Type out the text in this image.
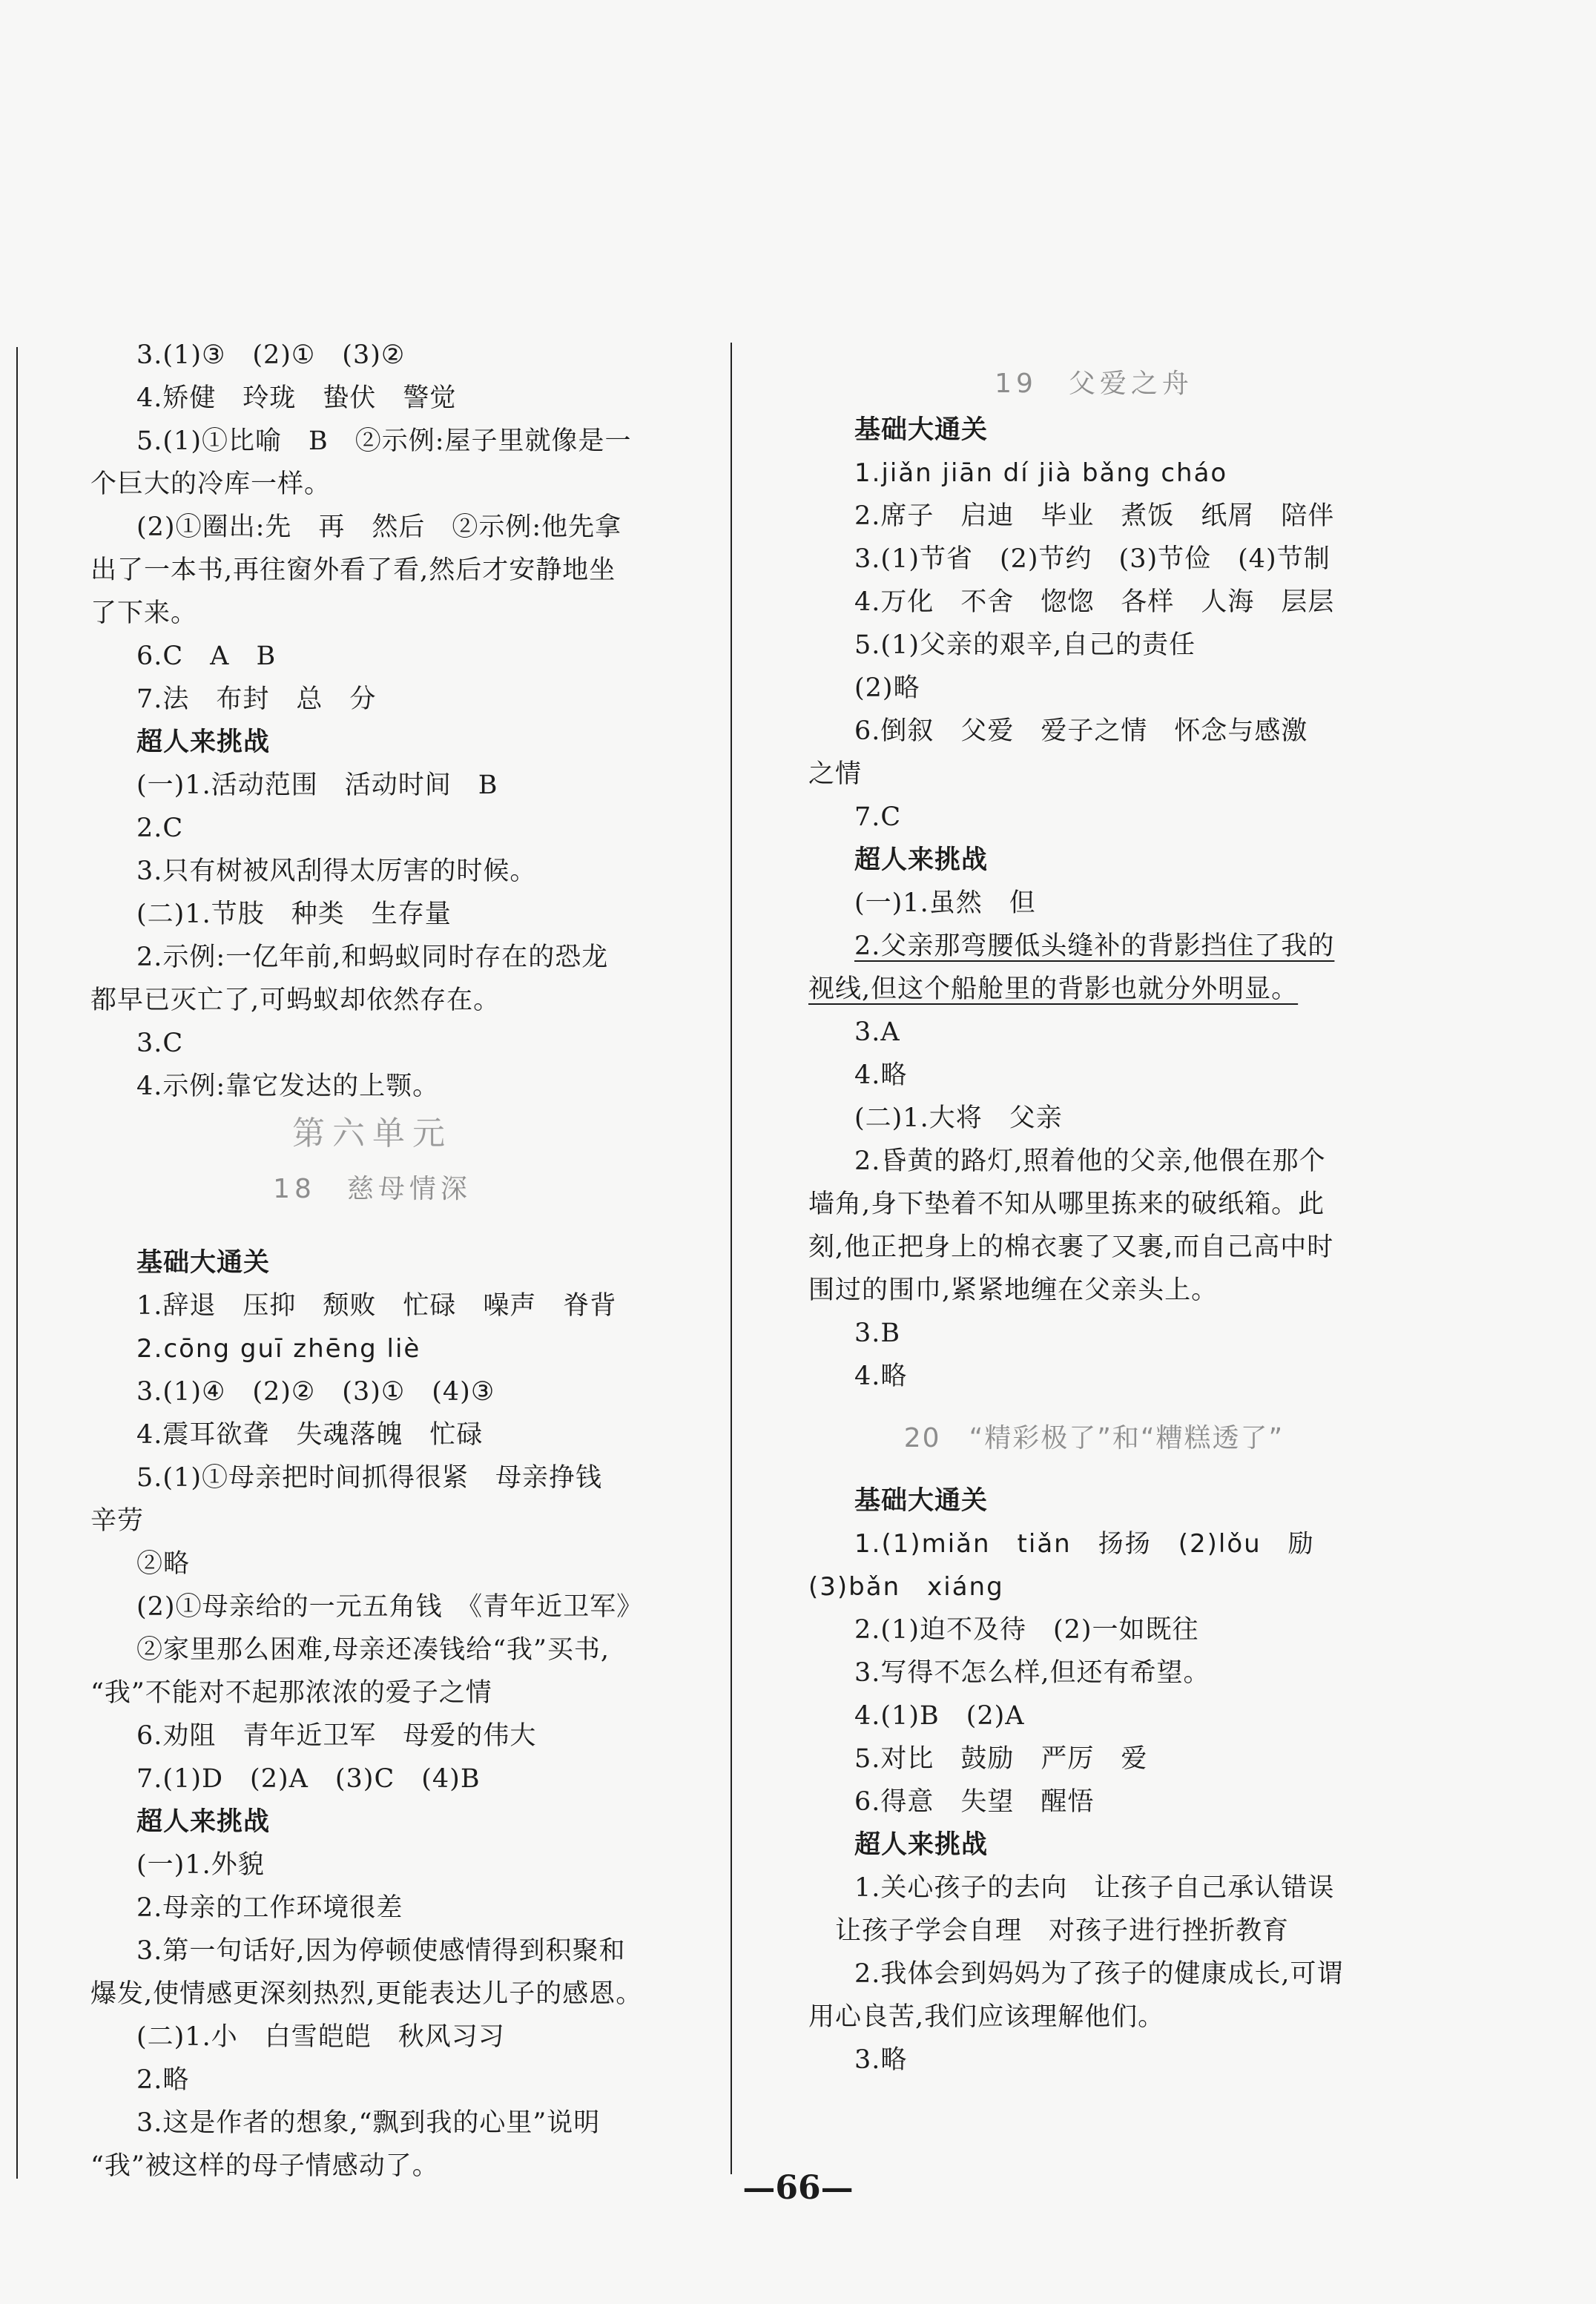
3.(1)③　(2)①　(3)②
4.矫健　玲珑　蛰伏　警觉
5.(1)①比喻　B　②示例:屋子里就像是一
个巨大的冷库一样。
(2)①圈出:先　再　然后　②示例:他先拿
出了一本书,再往窗外看了看,然后才安静地坐
了下来。
6.C　A　B
7.法　布封　总　分
超人来挑战
(一)1.活动范围　活动时间　B
2.C
3.只有树被风刮得太厉害的时候。
(二)1.节肢　种类　生存量
2.示例:一亿年前,和蚂蚁同时存在的恐龙
都早已灭亡了,可蚂蚁却依然存在。
3.C
4.示例:靠它发达的上颚。
第六单元
18　慈母情深
基础大通关
1.辞退　压抑　颓败　忙碌　噪声　脊背
2.cōng guī zhēng liè
3.(1)④　(2)②　(3)①　(4)③
4.震耳欲聋　失魂落魄　忙碌
5.(1)①母亲把时间抓得很紧　母亲挣钱
辛劳
②略
(2)①母亲给的一元五角钱　《青年近卫军》
②家里那么困难,母亲还凑钱给“我”买书,
“我”不能对不起那浓浓的爱子之情
6.劝阻　青年近卫军　母爱的伟大
7.(1)D　(2)A　(3)C　(4)B
超人来挑战
(一)1.外貌
2.母亲的工作环境很差
3.第一句话好,因为停顿使感情得到积聚和
爆发,使情感更深刻热烈,更能表达儿子的感恩。
(二)1.小　白雪皑皑　秋风习习
2.略
3.这是作者的想象,“飘到我的心里”说明
“我”被这样的母子情感动了。
19　父爱之舟
基础大通关
1.jiǎn jiān dí jià bǎng cháo
2.席子　启迪　毕业　煮饭　纸屑　陪伴
3.(1)节省　(2)节约　(3)节俭　(4)节制
4.万化　不舍　惚惚　各样　人海　层层
5.(1)父亲的艰辛,自己的责任
(2)略
6.倒叙　父爱　爱子之情　怀念与感激
之情
7.C
超人来挑战
(一)1.虽然　但
2.父亲那弯腰低头缝补的背影挡住了我的
视线,但这个船舱里的背影也就分外明显。
3.A
4.略
(二)1.大将　父亲
2.昏黄的路灯,照着他的父亲,他偎在那个
墙角,身下垫着不知从哪里拣来的破纸箱。此
刻,他正把身上的棉衣裹了又裹,而自己高中时
围过的围巾,紧紧地缠在父亲头上。
3.B
4.略
20　“精彩极了”和“糟糕透了”
基础大通关
1.(1)miǎn　tiǎn　扬扬　(2)lǒu　励
(3)bǎn　xiáng
2.(1)迫不及待　(2)一如既往
3.写得不怎么样,但还有希望。
4.(1)B　(2)A
5.对比　鼓励　严厉　爱
6.得意　失望　醒悟
超人来挑战
1.关心孩子的去向　让孩子自己承认错误
让孩子学会自理　对孩子进行挫折教育
2.我体会到妈妈为了孩子的健康成长,可谓
用心良苦,我们应该理解他们。
3.略
—66—
